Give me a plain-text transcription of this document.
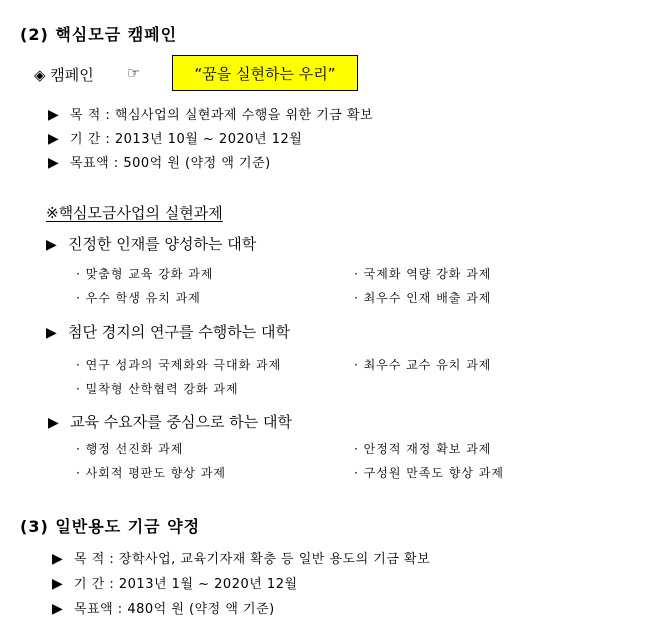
(2) 핵심모금 캠페인
◈ 캠페인 ☞	“꿈을 실현하는 우리”
▶ 목 적 : 핵심사업의 실현과제 수행을 위한 기금 확보
▶ 기 간 : 2013년 10월 ~ 2020년 12월
▶ 목표액 : 500억 원 (약정 액 기준)
※핵심모금사업의 실현과제
▶ 진정한 인재를 양성하는 대학
· 맞춤형 교육 강화 과제
· 우수 학생 유치 과제
· 국제화 역량 강화 과제
· 최우수 인재 배출 과제
▶ 첨단 경지의 연구를 수행하는 대학
· 연구 성과의 국제화와 극대화 과제
· 밀착형 산학협력 강화 과제
· 최우수 교수 유치 과제
▶ 교육 수요자를 중심으로 하는 대학
· 행정 선진화 과제
· 사회적 평판도 향상 과제
· 안정적 재정 확보 과제
· 구성원 만족도 향상 과제
(3) 일반용도 기금 약정
▶ 목 적 : 장학사업, 교육기자재 확충 등 일반 용도의 기금 확보
▶ 기 간 : 2013년 1월 ~ 2020년 12월
▶ 목표액 : 480억 원 (약정 액 기준)
